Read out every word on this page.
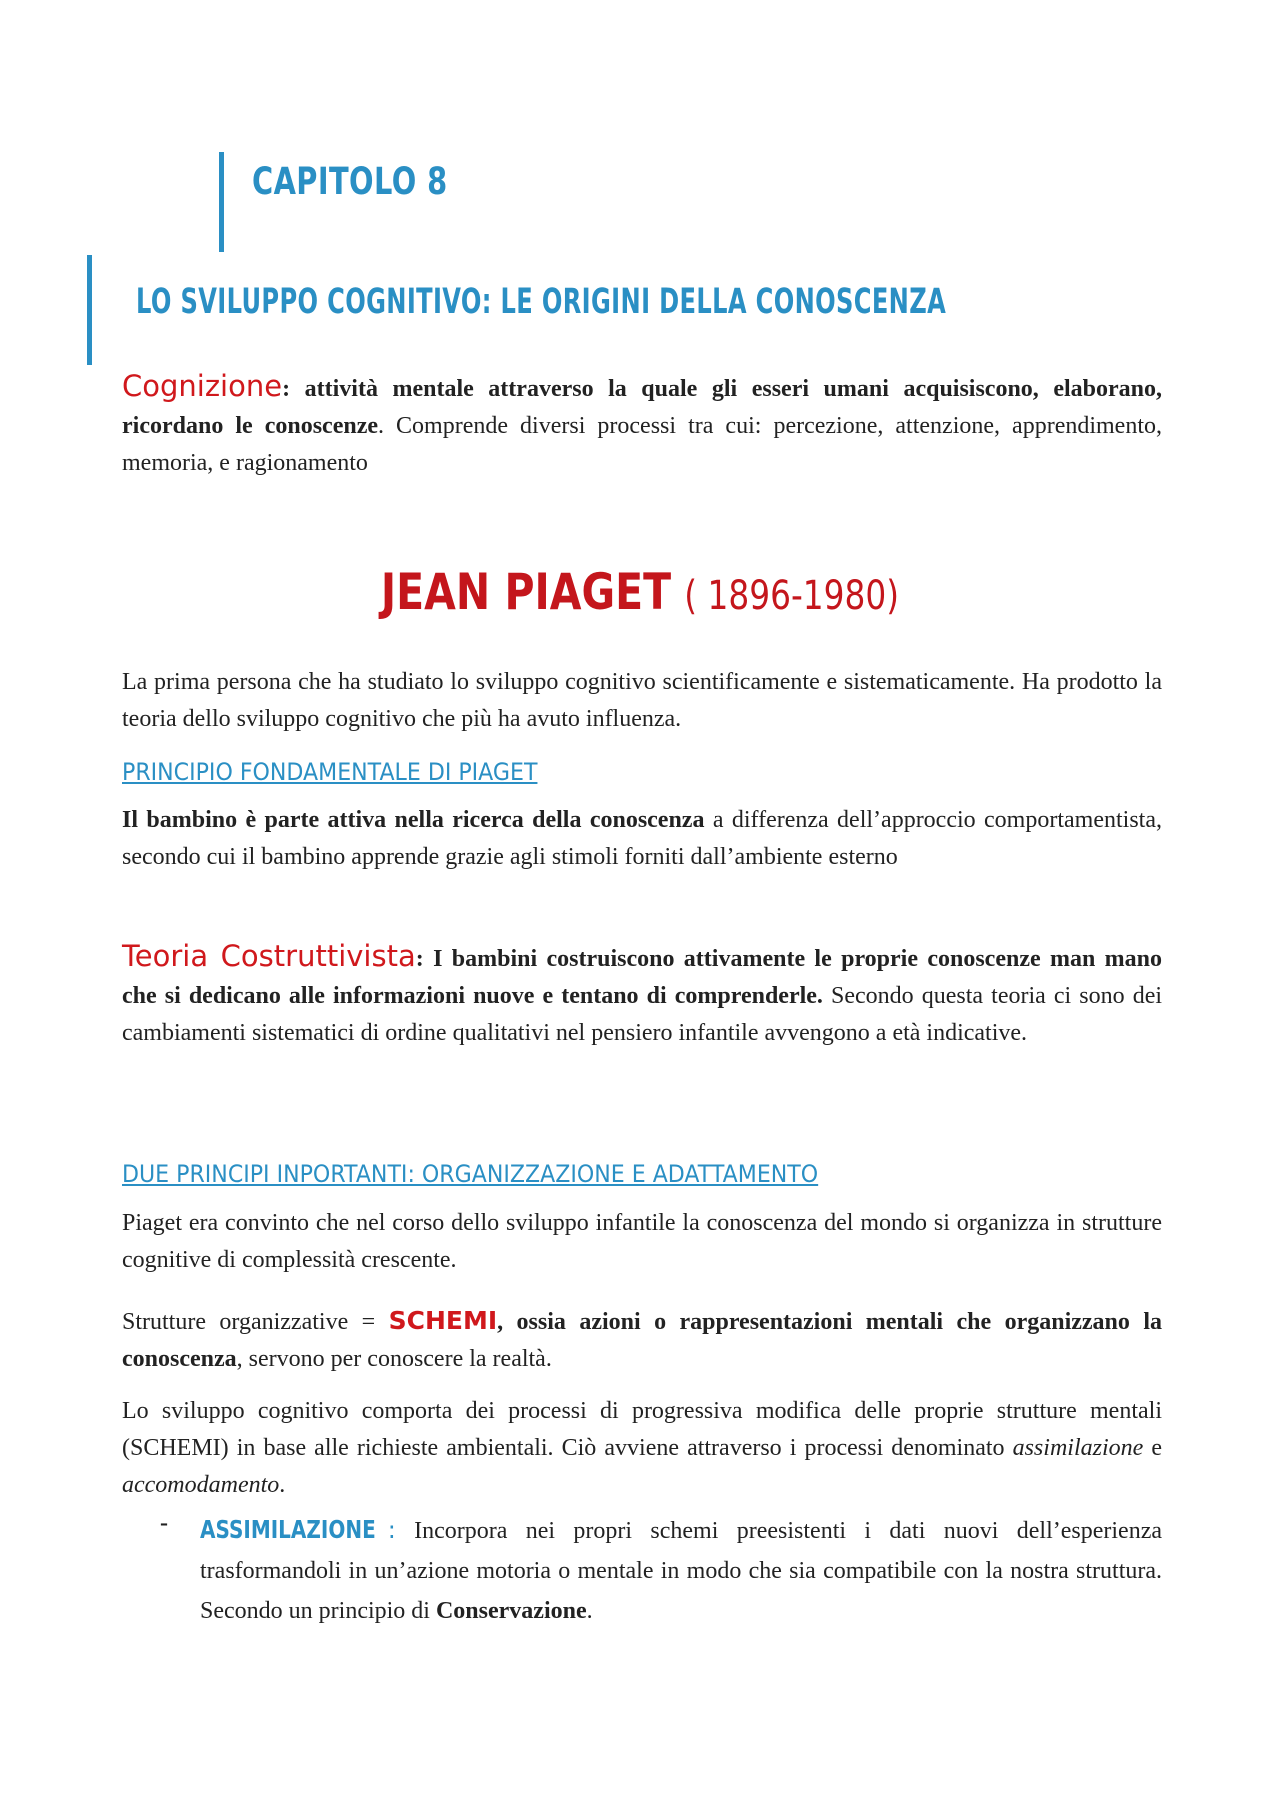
CAPITOLO 8
LO SVILUPPO COGNITIVO: LE ORIGINI DELLA CONOSCENZA

Cognizione: attività mentale attraverso la quale gli esseri umani acquisiscono, elaborano, ricordano le conoscenze. Comprende diversi processi tra cui: percezione, attenzione, apprendimento, memoria, e ragionamento

JEAN PIAGET ( 1896-1980)

La prima persona che ha studiato lo sviluppo cognitivo scientificamente e sistematicamente. Ha prodotto la teoria dello sviluppo cognitivo che più ha avuto influenza.

PRINCIPIO FONDAMENTALE DI PIAGET

Il bambino è parte attiva nella ricerca della conoscenza a differenza dell’approccio comportamentista, secondo cui il bambino apprende grazie agli stimoli forniti dall’ambiente esterno

Teoria Costruttivista: I bambini costruiscono attivamente le proprie conoscenze man mano che si dedicano alle informazioni nuove e tentano di comprenderle. Secondo questa teoria ci sono dei cambiamenti sistematici di ordine qualitativi nel pensiero infantile avvengono a età indicative.

DUE PRINCIPI INPORTANTI: ORGANIZZAZIONE E ADATTAMENTO

Piaget era convinto che nel corso dello sviluppo infantile la conoscenza del mondo si organizza in strutture cognitive di complessità crescente.

Strutture organizzative = SCHEMI, ossia azioni o rappresentazioni mentali che organizzano la conoscenza, servono per conoscere la realtà.

Lo sviluppo cognitivo comporta dei processi di progressiva modifica delle proprie strutture mentali (SCHEMI) in base alle richieste ambientali. Ciò avviene attraverso i processi denominato assimilazione e accomodamento.

- ASSIMILAZIONE : Incorpora nei propri schemi preesistenti i dati nuovi dell’esperienza trasformandoli in un’azione motoria o mentale in modo che sia compatibile con la nostra struttura. Secondo un principio di Conservazione.
